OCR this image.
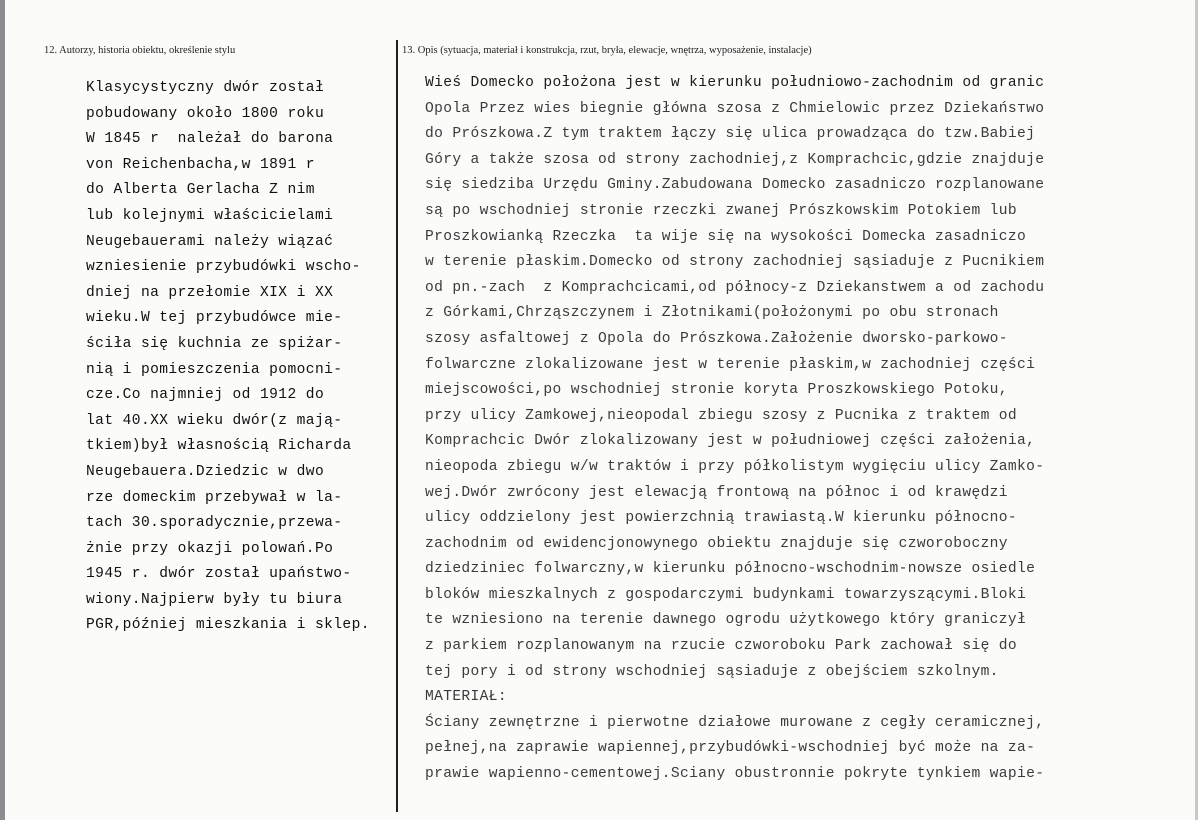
12. Autorzy, historia obiektu, określenie stylu	13. Opis (sytuacja, materiał i konstrukcja, rzut, bryła, elewacje, wnętrza, wyposażenie, instalacje)
Klasycystyczny dwór został
pobudowany około 1800 roku
W 1845 r  należał do barona
von Reichenbacha,w 1891 r
do Alberta Gerlacha Z nim
lub kolejnymi właścicielami
Neugebauerami należy wiązać
wzniesienie przybudówki wscho-
dniej na przełomie XIX i XX
wieku.W tej przybudówce mie-
ściła się kuchnia ze spiżar-
nią i pomieszczenia pomocni-
cze.Co najmniej od 1912 do
lat 40.XX wieku dwór(z mają-
tkiem)był własnością Richarda
Neugebauera.Dziedzic w dwo
rze domeckim przebywał w la-
tach 30.sporadycznie,przewa-
żnie przy okazji polowań.Po
1945 r. dwór został upaństwo-
wiony.Najpierw były tu biura
PGR,później mieszkania i sklep.
Wieś Domecko położona jest w kierunku południowo-zachodnim od granic
Opola Przez wies biegnie główna szosa z Chmielowic przez Dziekańsтwo
do Prószkowa.Z tym traktem łączy się ulica prowadząca do tzw.Babiej
Góry a także szosa od strony zachodniej,z Komprachcic,gdzie znajduje
się siedziba Urzędu Gminy.Zabudowana Domecko zasadniczo rozplanowane
są po wschodniej stronie rzeczki zwanej Prószkowskim Potokiem lub
Proszkowianką Rzeczka  ta wije się na wysokości Domecka zasadniczo
w terenie płaskim.Domecko od strony zachodniej sąsiaduje z Pucnikiem
od pn.-zach  z Komprachcicami,od północy-z Dziekanstwem a od zachodu
z Górkami,Chrząszczynem i Złotnikami(położonymi po obu stronach
szosy asfaltowej z Opola do Prószkowa.Założenie dworsko-parkowo-
folwarczne zlokalizowane jest w terenie płaskim,w zachodniej części
miejscowości,po wschodniej stronie koryta Proszkowskiego Potoku,
przy ulicy Zamkowej,nieopodal zbiegu szosy z Pucnika z traktem od
Komprachcic Dwór zlokalizowany jest w południowej części założenia,
nieopoda zbiegu w/w traktów i przy półkolistym wygięciu ulicy Zamko-
wej.Dwór zwrócony jest elewacją frontową na północ i od krawędzi
ulicy oddzielony jest powierzchnią trawiastą.W kierunku północno-
zachodnim od ewidencjonowynego obiektu znajduje się czworoboczny
dziedziniec folwarczny,w kierunku północno-wschodnim-nowsze osiedle
bloków mieszkalnych z gospodarczymi budynkami towarzyszącymi.Bloki
te wzniesiono na terenie dawnego ogrodu użytkowego który graniczył
z parkiem rozplanowanym na rzucie czworoboku Park zachował się do
tej pory i od strony wschodniej sąsiaduje z obejściem szkolnym.
MATERIAŁ:
Ściany zewnętrzne i pierwotne działowe murowane z cegły ceramicznej,
pełnej,na zaprawie wapiennej,przybudówki-wschodniej być może na za-
prawie wapienno-cementowej.Sciany obustronnie pokryte tynkiem wapie-
